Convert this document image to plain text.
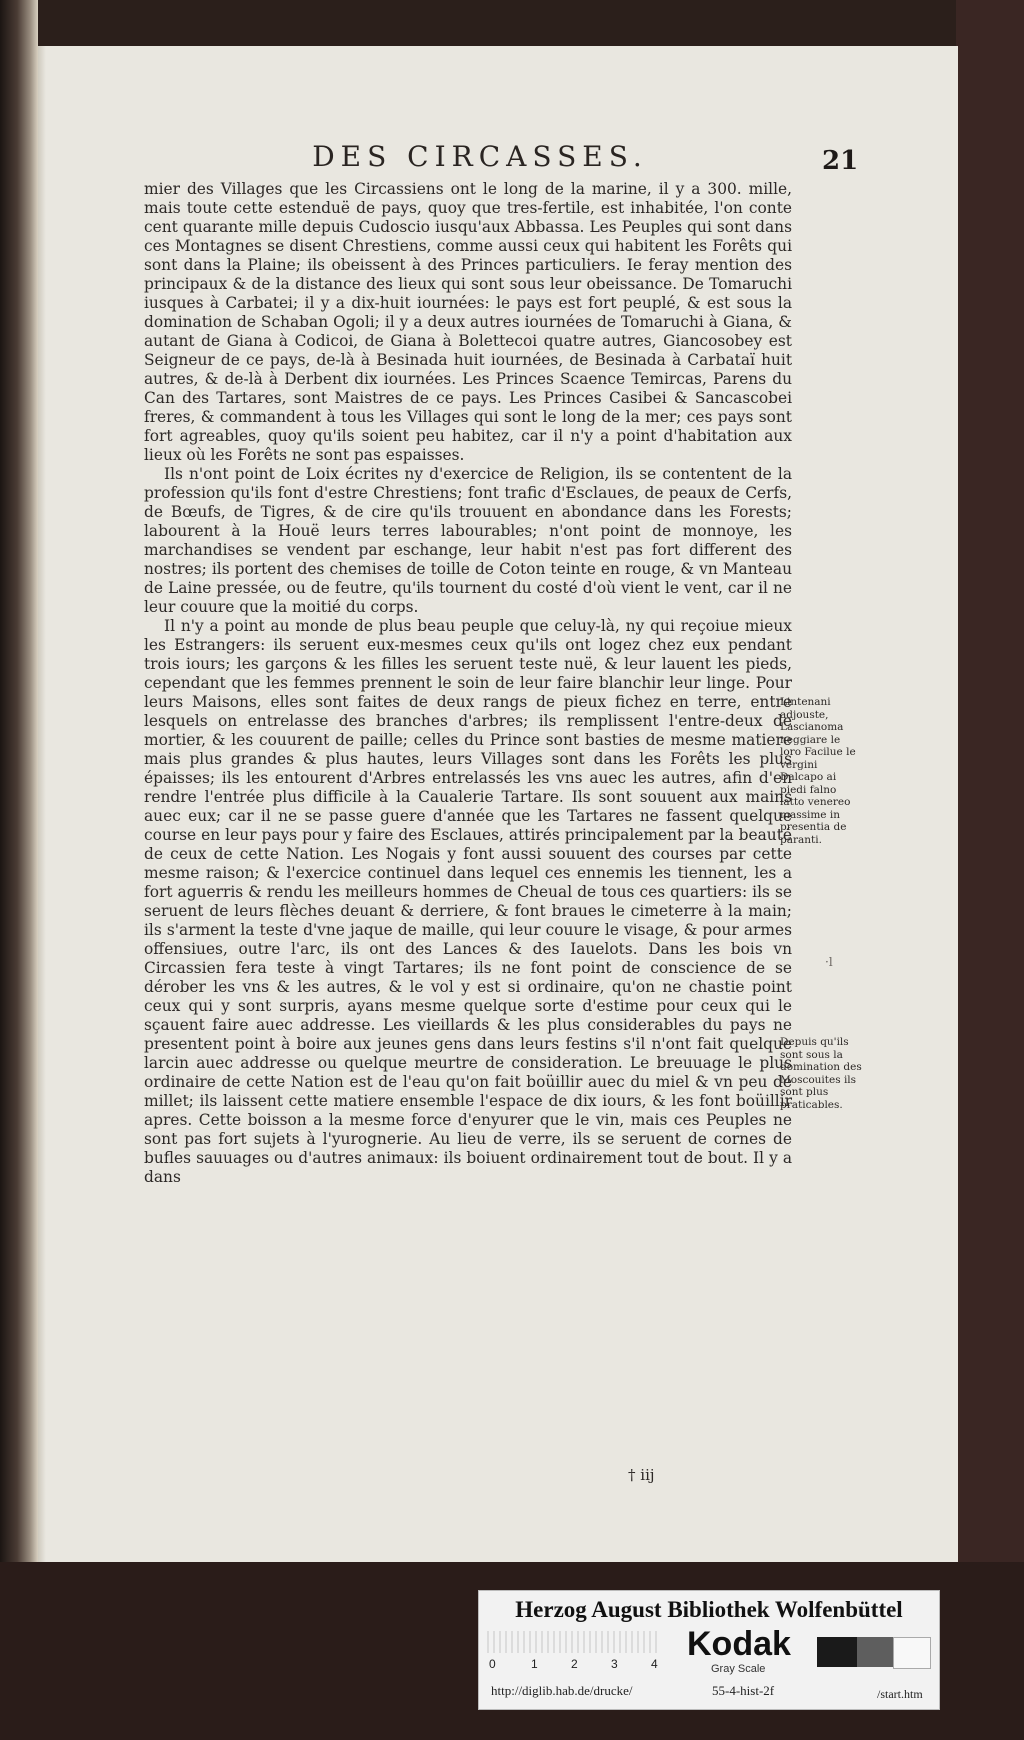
DES CIRCASSES.	21

mier des Villages que les Circassiens ont le long de la marine, il y a 300. mille, mais toute cette estenduë de pays, quoy que tres-fertile, est inhabitée, l'on conte cent quarante mille depuis Cudoscio iusqu'aux Abbassa. Les Peuples qui sont dans ces Montagnes se disent Chrestiens, comme aussi ceux qui habitent les Forêts qui sont dans la Plaine; ils obeissent à des Princes particuliers. Ie feray mention des principaux & de la distance des lieux qui sont sous leur obeissance. De Tomaruchi iusques à Carbatei; il y a dix-huit iournées: le pays est fort peuplé, & est sous la domination de Schaban Ogoli; il y a deux autres iournées de Tomaruchi à Giana, & autant de Giana à Codicoi, de Giana à Bolettecoi quatre autres, Giancosobey est Seigneur de ce pays, de-là à Besinada huit iournées, de Besinada à Carbataï huit autres, & de-là à Derbent dix iournées. Les Princes Scaence Temircas, Parens du Can des Tartares, sont Maistres de ce pays. Les Princes Casibei & Sancascobei freres, & commandent à tous les Villages qui sont le long de la mer; ces pays sont fort agreables, quoy qu'ils soient peu habitez, car il n'y a point d'habitation aux lieux où les Forêts ne sont pas espaisses.

Ils n'ont point de Loix écrites ny d'exercice de Religion, ils se contentent de la profession qu'ils font d'estre Chrestiens; font trafic d'Esclaues, de peaux de Cerfs, de Bœufs, de Tigres, & de cire qu'ils trouuent en abondance dans les Forests; labourent à la Houë leurs terres labourables; n'ont point de monnoye, les marchandises se vendent par eschange, leur habit n'est pas fort different des nostres; ils portent des chemises de toille de Coton teinte en rouge, & vn Manteau de Laine pressée, ou de feutre, qu'ils tournent du costé d'où vient le vent, car il ne leur couure que la moitié du corps.

Il n'y a point au monde de plus beau peuple que celuy-là, ny qui reçoiue mieux les Estrangers: ils seruent eux-mesmes ceux qu'ils ont logez chez eux pendant trois iours; les garçons & les filles les seruent teste nuë, & leur lauent les pieds, cependant que les femmes prennent le soin de leur faire blanchir leur linge. Pour leurs Maisons, elles sont faites de deux rangs de pieux fichez en terre, entre lesquels on entrelasse des branches d'arbres; ils remplissent l'entre-deux de mortier, & les couurent de paille; celles du Prince sont basties de mesme matiere mais plus grandes & plus hautes, leurs Villages sont dans les Forêts les plus épaisses; ils les entourent d'Arbres entrelassés les vns auec les autres, afin d'en rendre l'entrée plus difficile à la Caualerie Tartare. Ils sont souuent aux mains auec eux; car il ne se passe guere d'année que les Tartares ne fassent quelque course en leur pays pour y faire des Esclaues, attirés principalement par la beauté de ceux de cette Nation. Les Nogais y font aussi souuent des courses par cette mesme raison; & l'exercice continuel dans lequel ces ennemis les tiennent, les a fort aguerris & rendu les meilleurs hommes de Cheual de tous ces quartiers: ils se seruent de leurs flèches deuant & derriere, & font braues le cimeterre à la main; ils s'arment la teste d'vne jaque de maille, qui leur couure le visage, & pour armes offensiues, outre l'arc, ils ont des Lances & des Iauelots. Dans les bois vn Circassien fera teste à vingt Tartares; ils ne font point de conscience de se dérober les vns & les autres, & le vol y est si ordinaire, qu'on ne chastie point ceux qui y sont surpris, ayans mesme quelque sorte d'estime pour ceux qui le sçauent faire auec addresse. Les vieillards & les plus considerables du pays ne presentent point à boire aux jeunes gens dans leurs festins s'il n'ont fait quelque larcin auec addresse ou quelque meurtre de consideration. Le breuuage le plus ordinaire de cette Nation est de l'eau qu'on fait boüillir auec du miel & vn peu de millet; ils laissent cette matiere ensemble l'espace de dix iours, & les font boüillir apres. Cette boisson a la mesme force d'enyurer que le vin, mais ces Peuples ne sont pas fort sujets à l'yurognerie. Au lieu de verre, ils se seruent de cornes de bufles sauuages ou d'autres animaux: ils boiuent ordinairement tout de bout. Il y a dans

Lintenani adjouste, Lascianoma neggiare le loro Facilue le vergini Dalcapo ai piedi falno latto venereo massime in presentia de paranti.
Depuis qu'ils sont sous la domination des Moscouites ils sont plus praticables.
·l
† iij
Herzog August Bibliothek Wolfenbüttel
0	1	2	3	4
Kodak
Gray Scale
http://diglib.hab.de/drucke/	55-4-hist-2f	/start.htm
